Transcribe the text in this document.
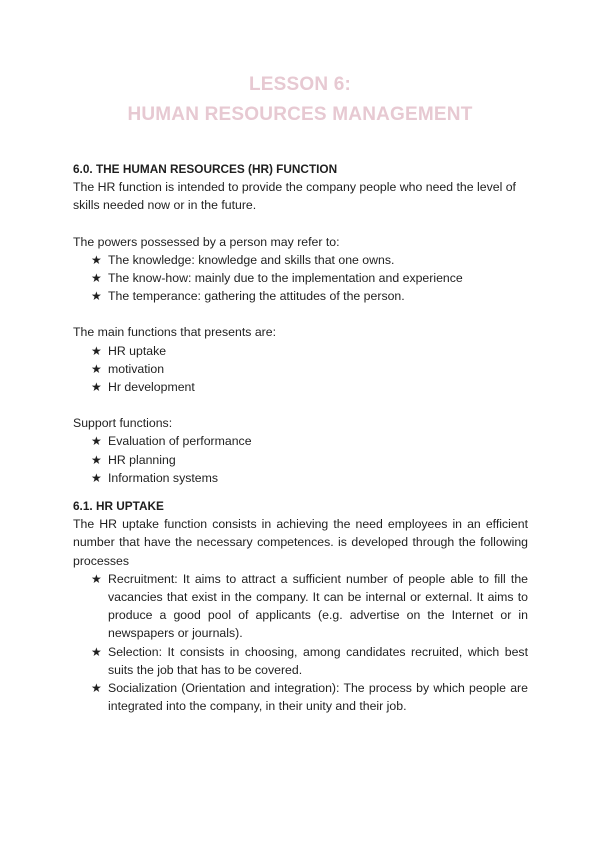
LESSON 6:
HUMAN RESOURCES MANAGEMENT
6.0. THE HUMAN RESOURCES (HR) FUNCTION

The HR function is intended to provide the company people who need the level of skills needed now or in the future.

The powers possessed by a person may refer to:

★ The knowledge: knowledge and skills that one owns.
★ The know-how: mainly due to the implementation and experience
★ The temperance: gathering the attitudes of the person.

The main functions that presents are:

★ HR uptake
★ motivation
★ Hr development

Support functions:

★ Evaluation of performance
★ HR planning
★ Information systems
6.1. HR UPTAKE

The HR uptake function consists in achieving the need employees in an efficient number that have the necessary competences. is developed through the following processes

★ Recruitment: It aims to attract a sufficient number of people able to fill the vacancies that exist in the company. It can be internal or external. It aims to produce a good pool of applicants (e.g. advertise on the Internet or in newspapers or journals).
★ Selection: It consists in choosing, among candidates recruited, which best suits the job that has to be covered.
★ Socialization (Orientation and integration): The process by which people are integrated into the company, in their unity and their job.
